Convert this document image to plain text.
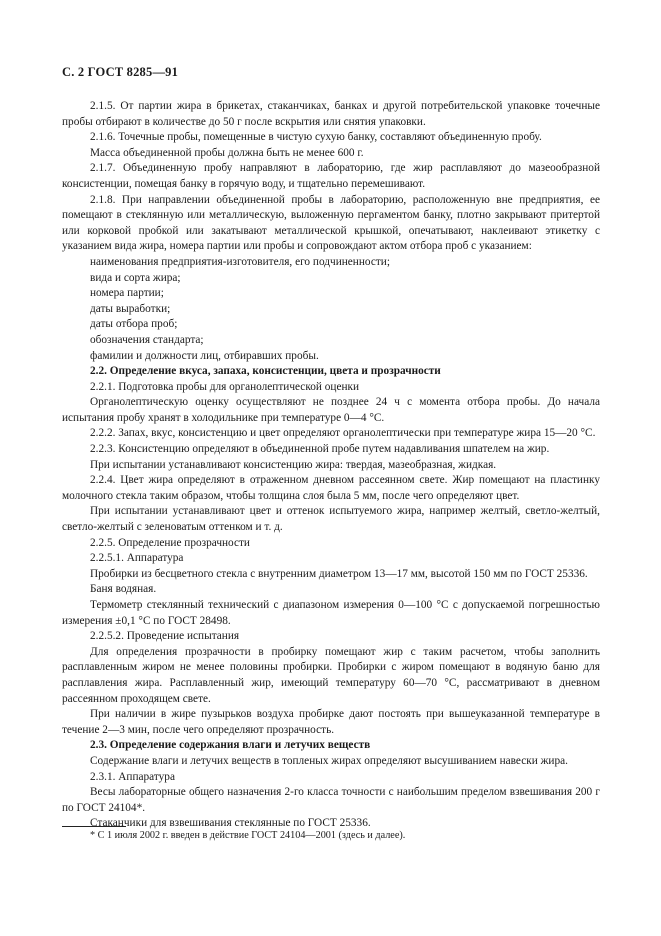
С. 2 ГОСТ 8285—91

2.1.5. От партии жира в брикетах, стаканчиках, банках и другой потребительской упаковке точечные пробы отбирают в количестве до 50 г после вскрытия или снятия упаковки.

2.1.6. Точечные пробы, помещенные в чистую сухую банку, составляют объединенную пробу.

Масса объединенной пробы должна быть не менее 600 г.

2.1.7. Объединенную пробу направляют в лабораторию, где жир расплавляют до мазеообразной консистенции, помещая банку в горячую воду, и тщательно перемешивают.

2.1.8. При направлении объединенной пробы в лабораторию, расположенную вне предприятия, ее помещают в стеклянную или металлическую, выложенную пергаментом банку, плотно закрывают притертой или корковой пробкой или закатывают металлической крышкой, опечатывают, наклеивают этикетку с указанием вида жира, номера партии или пробы и сопровождают актом отбора проб с указанием:

наименования предприятия-изготовителя, его подчиненности;

вида и сорта жира;

номера партии;

даты выработки;

даты отбора проб;

обозначения стандарта;

фамилии и должности лиц, отбиравших пробы.

2.2. Определение вкуса, запаха, консистенции, цвета и прозрачности

2.2.1. Подготовка пробы для органолептической оценки

Органолептическую оценку осуществляют не позднее 24 ч с момента отбора пробы. До начала испытания пробу хранят в холодильнике при температуре 0—4 °С.

2.2.2. Запах, вкус, консистенцию и цвет определяют органолептически при температуре жира 15—20 °С.

2.2.3. Консистенцию определяют в объединенной пробе путем надавливания шпателем на жир.

При испытании устанавливают консистенцию жира: твердая, мазеобразная, жидкая.

2.2.4. Цвет жира определяют в отраженном дневном рассеянном свете. Жир помещают на пластинку молочного стекла таким образом, чтобы толщина слоя была 5 мм, после чего определяют цвет.

При испытании устанавливают цвет и оттенок испытуемого жира, например желтый, светло-желтый, светло-желтый с зеленоватым оттенком и т. д.

2.2.5. Определение прозрачности

2.2.5.1. Аппаратура

Пробирки из бесцветного стекла с внутренним диаметром 13—17 мм, высотой 150 мм по ГОСТ 25336.

Баня водяная.

Термометр стеклянный технический с диапазоном измерения 0—100 °С с допускаемой погрешностью измерения ±0,1 °С по ГОСТ 28498.

2.2.5.2. Проведение испытания

Для определения прозрачности в пробирку помещают жир с таким расчетом, чтобы заполнить расплавленным жиром не менее половины пробирки. Пробирки с жиром помещают в водяную баню для расплавления жира. Расплавленный жир, имеющий температуру 60—70 °С, рассматривают в дневном рассеянном проходящем свете.

При наличии в жире пузырьков воздуха пробирке дают постоять при вышеуказанной температуре в течение 2—3 мин, после чего определяют прозрачность.

2.3. Определение содержания влаги и летучих веществ

Содержание влаги и летучих веществ в топленых жирах определяют высушиванием навески жира.

2.3.1. Аппаратура

Весы лабораторные общего назначения 2-го класса точности с наибольшим пределом взвешивания 200 г по ГОСТ 24104*.

Стаканчики для взвешивания стеклянные по ГОСТ 25336.

* С 1 июля 2002 г. введен в действие ГОСТ 24104—2001 (здесь и далее).
